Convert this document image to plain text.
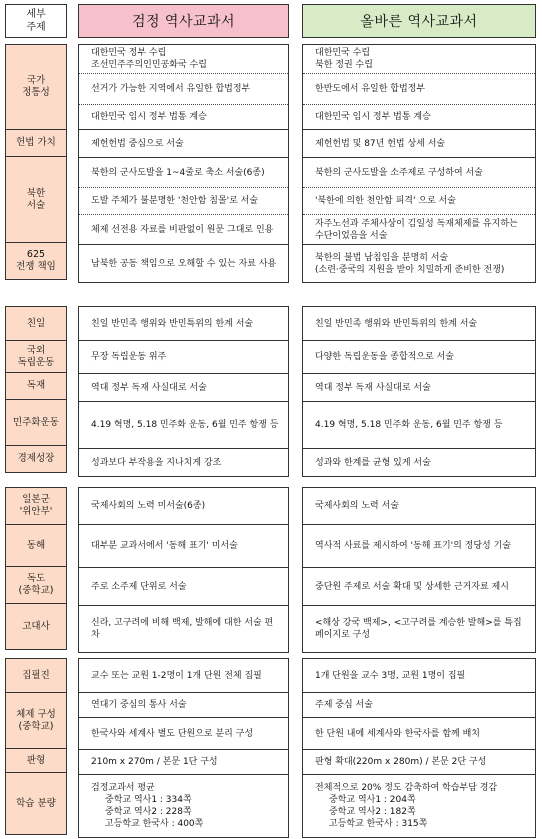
세부
주제	검정 역사교과서	올바른 역사교과서
국가
정통성
헌법 가치
북한
서술
625
전쟁 책임
대한민국 정부 수립
조선민주주의인민공화국 수립
선거가 가능한 지역에서 유일한 합법정부
대한민국 임시 정부 법통 계승
제헌헌법 중심으로 서술
북한의 군사도발을 1~4줄로 축소 서술(6종)
도발 주체가 불분명한 '천안함 침몰'로 서술
체제 선전용 자료를 비판없이 원문 그대로 인용
남북한 공동 책임으로 오해할 수 있는 자료 사용
대한민국 수립
북한 정권 수립
한반도에서 유일한 합법정부
대한민국 임시 정부 법통 계승
제헌헌법 및 87년 헌법 상세 서술
북한의 군사도발을 소주제로 구성하여 서술
'북한에 의한 천안함 피격' 으로 서술
자주노선과 주체사상이 김일성 독재체제를 유지하는 수단이었음을 서술
북한의 불법 남침임을 분명히 서술
(소련·중국의 지원을 받아 치밀하게 준비한 전쟁)
친일
국외
독립운동
독재
민주화운동
경제성장
친일 반민족 행위와 반민특위의 한계 서술
무장 독립운동 위주
역대 정부 독재 사실대로 서술
4.19 혁명, 5.18 민주화 운동, 6월 민주 항쟁 등
성과보다 부작용을 지나치게 강조
친일 반민족 행위와 반민특위의 한계 서술
다양한 독립운동을 종합적으로 서술
역대 정부 독재 사실대로 서술
4.19 혁명, 5.18 민주화 운동, 6월 민주 항쟁 등
성과와 한계를 균형 있게 서술
일본군
'위안부'
동해
독도
(중학교)
고대사
국제사회의 노력 미서술(6종)
대부분 교과서에서 '동해 표기' 미서술
주로 소주제 단위로 서술
신라, 고구려에 비해 백제, 발해에 대한 서술 편차
국제사회의 노력 서술
역사적 사료를 제시하여 '동해 표기'의 정당성 기술
중단원 주제로 서술 확대 및 상세한 근거자료 제시
<해상 강국 백제>, <고구려를 계승한 발해>를 특집 페이지로 구성
집필진
체제 구성
(중학교)
판형
학습 분량
교수 또는 교원 1-2명이 1개 단원 전체 집필
연대기 중심의 통사 서술
한국사와 세계사 별도 단원으로 분리 구성
210m x 270m / 본문 1단 구성
검정교과서 평균
중학교 역사1 : 334쪽
중학교 역사2 : 228쪽
고등학교 한국사 : 400쪽
1개 단원을 교수 3명, 교원 1명이 집필
주제 중심 서술
한 단원 내에 세계사와 한국사를 함께 배치
판형 확대(220m x 280m) / 본문 2단 구성
전체적으로 20% 정도 감축하여 학습부담 경감
중학교 역사1 : 204쪽
중학교 역사2 : 182쪽
고등학교 한국사 : 315쪽
